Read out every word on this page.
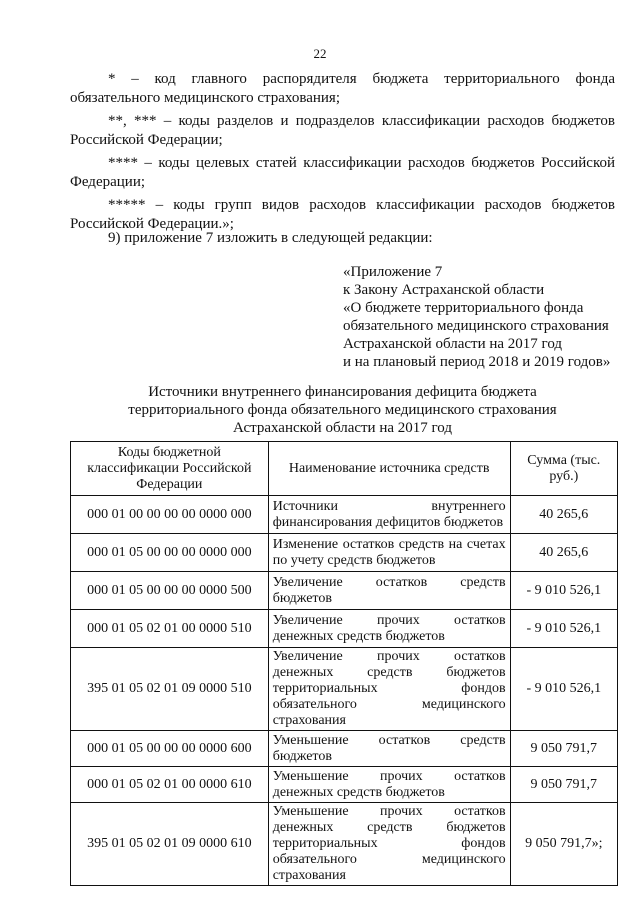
22

* – код главного распорядителя бюджета территориального фонда обязательного медицинского страхования;

**, *** – коды разделов и подразделов классификации расходов бюджетов Российской Федерации;

**** – коды целевых статей классификации расходов бюджетов Российской Федерации;

***** – коды групп видов расходов классификации расходов бюджетов Российской Федерации.»;

9) приложение 7 изложить в следующей редакции:
«Приложение 7
к Закону Астраханской области
«О бюджете территориального фонда
обязательного медицинского страхования
Астраханской области на 2017 год
и на плановый период 2018 и 2019 годов»
Источники внутреннего финансирования дефицита бюджета
территориального фонда обязательного медицинского страхования
Астраханской области на 2017 год
Коды бюджетной классификации Российской Федерации	Наименование источника средств	Сумма (тыс. руб.)
000 01 00 00 00 00 0000 000	Источники внутреннего финансирования дефицитов бюджетов	40 265,6
000 01 05 00 00 00 0000 000	Изменение остатков средств на счетах по учету средств бюджетов	40 265,6
000 01 05 00 00 00 0000 500	Увеличение остатков средств бюджетов	- 9 010 526,1
000 01 05 02 01 00 0000 510	Увеличение прочих остатков денежных средств бюджетов	- 9 010 526,1
395 01 05 02 01 09 0000 510	Увеличение прочих остатков денежных средств бюджетов территориальных фондов обязательного медицинского страхования	- 9 010 526,1
000 01 05 00 00 00 0000 600	Уменьшение остатков средств бюджетов	9 050 791,7
000 01 05 02 01 00 0000 610	Уменьшение прочих остатков денежных средств бюджетов	9 050 791,7
395 01 05 02 01 09 0000 610	Уменьшение прочих остатков денежных средств бюджетов территориальных фондов обязательного медицинского страхования	9 050 791,7»;
